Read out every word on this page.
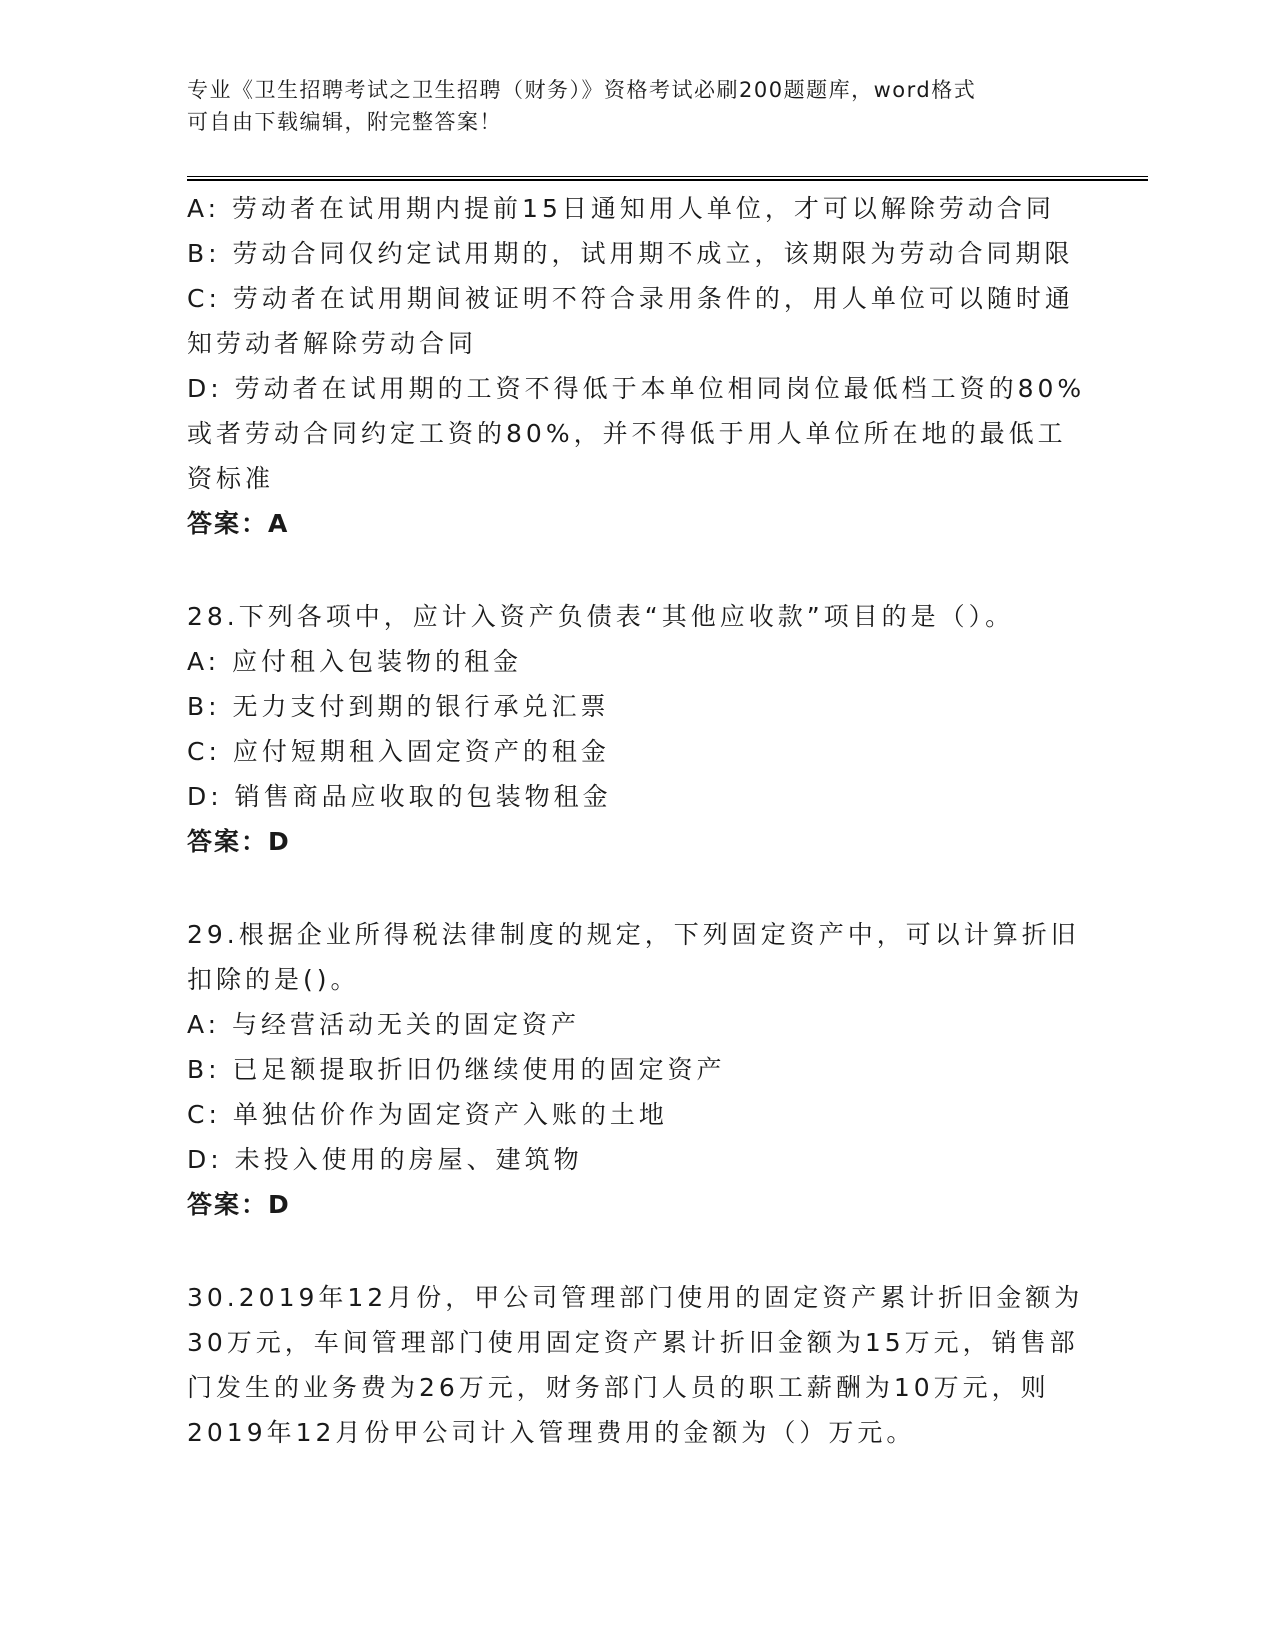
专业《卫生招聘考试之卫生招聘（财务）》资格考试必刷200题题库，word格式
可自由下载编辑，附完整答案！
A: 劳动者在试用期内提前15日通知用人单位，才可以解除劳动合同
B: 劳动合同仅约定试用期的，试用期不成立，该期限为劳动合同期限
C: 劳动者在试用期间被证明不符合录用条件的，用人单位可以随时通
知劳动者解除劳动合同
D: 劳动者在试用期的工资不得低于本单位相同岗位最低档工资的80%
或者劳动合同约定工资的80%，并不得低于用人单位所在地的最低工
资标准
答案：A
28.下列各项中，应计入资产负债表“其他应收款”项目的是（）。
A: 应付租入包装物的租金
B: 无力支付到期的银行承兑汇票
C: 应付短期租入固定资产的租金
D: 销售商品应收取的包装物租金
答案：D
29.根据企业所得税法律制度的规定，下列固定资产中，可以计算折旧
扣除的是()。
A: 与经营活动无关的固定资产
B: 已足额提取折旧仍继续使用的固定资产
C: 单独估价作为固定资产入账的土地
D: 未投入使用的房屋、建筑物
答案：D
30.2019年12月份，甲公司管理部门使用的固定资产累计折旧金额为
30万元，车间管理部门使用固定资产累计折旧金额为15万元，销售部
门发生的业务费为26万元，财务部门人员的职工薪酬为10万元，则
2019年12月份甲公司计入管理费用的金额为（）万元。
